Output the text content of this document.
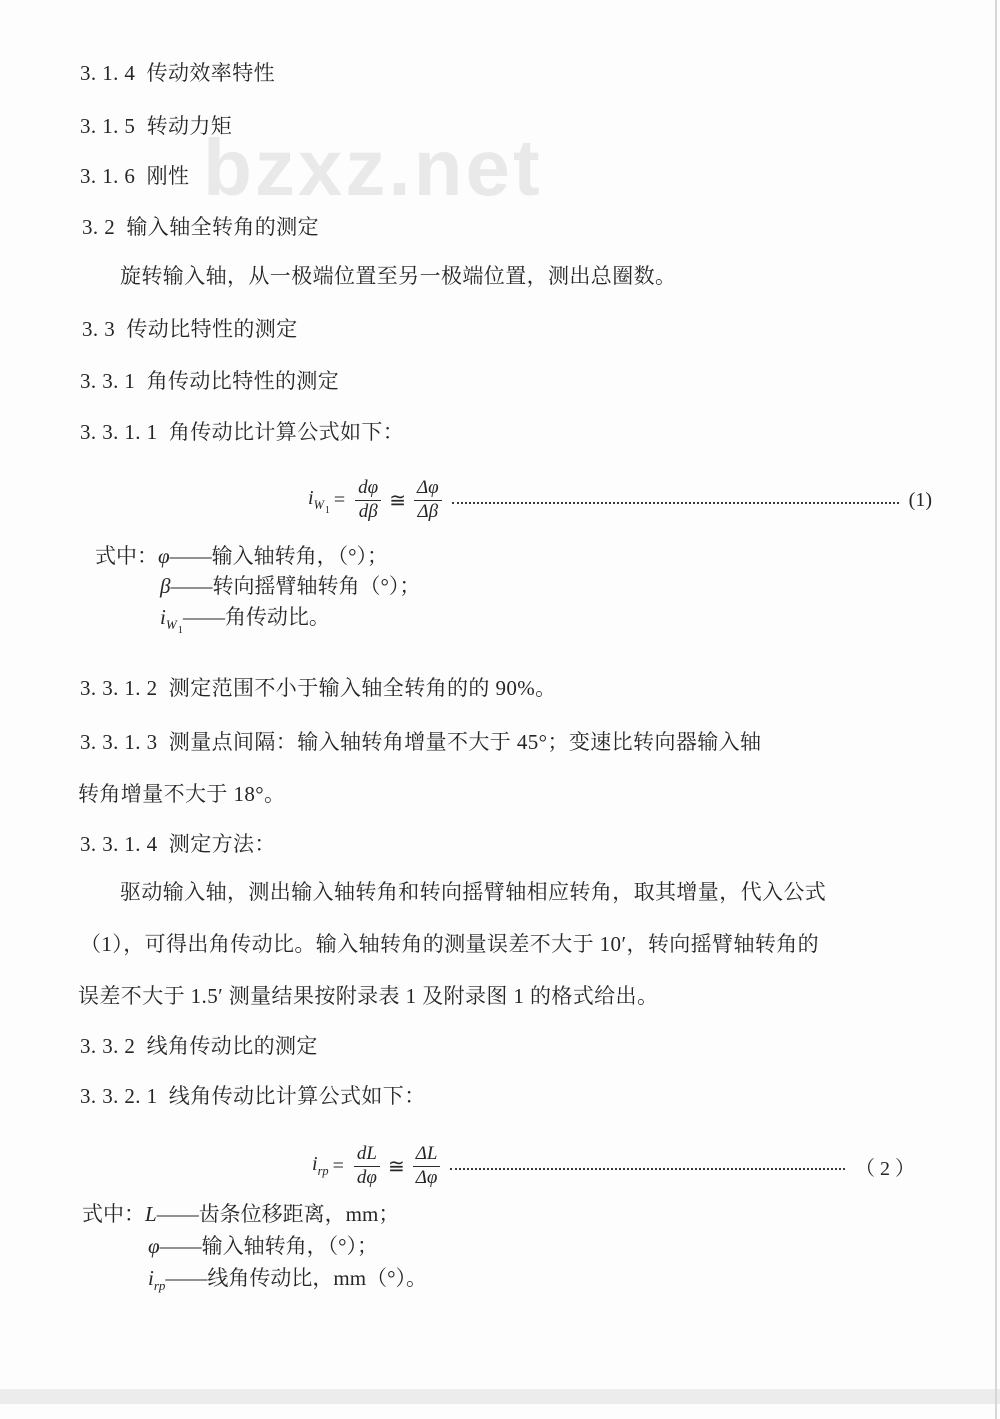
bzxz.net
3. 1. 4  传动效率特性
3. 1. 5  转动力矩
3. 1. 6  刚性
3. 2  输入轴全转角的测定
旋转输入轴，从一极端位置至另一极端位置，测出总圈数。
3. 3  传动比特性的测定
3. 3. 1  角传动比特性的测定
3. 3. 1. 1  角传动比计算公式如下：
$i_{W1} = \frac{d\varphi}{d\beta}$ ≅ $\frac{\Delta\varphi}{\Delta\beta}$	(1)
式中：φ——输入轴转角，（°）；
β——转向摇臂轴转角（°）；
$i_{W1}——$角传动比。
3. 3. 1. 2  测定范围不小于输入轴全转角的的 90%。
3. 3. 1. 3  测量点间隔：输入轴转角增量不大于 45°；变速比转向器输入轴
转角增量不大于 18°。
3. 3. 1. 4  测定方法：
驱动输入轴，测出输入轴转角和转向摇臂轴相应转角，取其增量，代入公式
（1），可得出角传动比。输入轴转角的测量误差不大于 10′，转向摇臂轴转角的
误差不大于 1.5′ 测量结果按附录表 1 及附录图 1 的格式给出。
3. 3. 2  线角传动比的测定
3. 3. 2. 1  线角传动比计算公式如下：
$i_{rp} = \frac{dL}{d\varphi}$ ≅ $\frac{\Delta L}{\Delta\varphi}$	（ 2 ）
式中：L——齿条位移距离，mm；
φ——输入轴转角，（°）；
$i_{rp}——$线角传动比，mm（°）。
